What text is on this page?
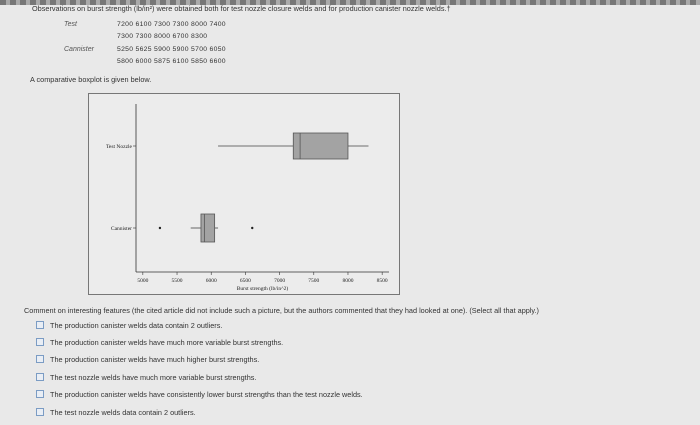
Observations on burst strength (lb/in²) were obtained both for test nozzle closure welds and for production canister nozzle welds.†
Test	7200 6100 7300 7300 8000 7400
7300 7300 8000 6700 8300
Cannister	5250 5625 5900 5900 5700 6050
5800 6000 5875 6100 5850 6600
A comparative boxplot is given below.
5000	5500	6000	6500	7000	7500	8000	8500
Burst strength (lb/in^2)
Test Nozzle
Cannister
Comment on interesting features (the cited article did not include such a picture, but the authors commented that they had looked at one). (Select all that apply.)
The production canister welds data contain 2 outliers.
The production canister welds have much more variable burst strengths.
The production canister welds have much higher burst strengths.
The test nozzle welds have much more variable burst strengths.
The production canister welds have consistently lower burst strengths than the test nozzle welds.
The test nozzle welds data contain 2 outliers.
